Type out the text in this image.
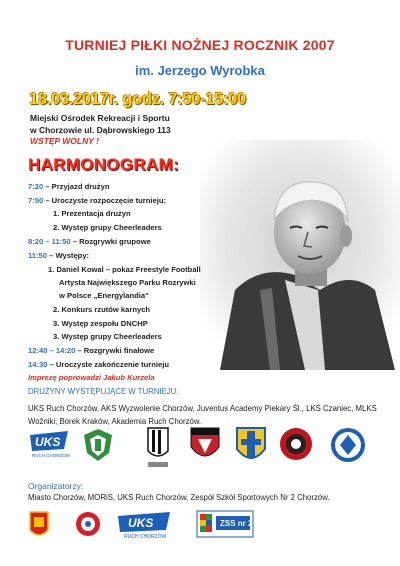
TURNIEJ PIŁKI NOŻNEJ ROCZNIK 2007
im. Jerzego Wyrobka
18.03.2017r. godz. 7:50-15:00
Miejski Ośrodek Rekreacji i Sportu
w Chorzowie ul. Dąbrowskiego 113
WSTĘP WOLNY !
HARMONOGRAM:
7:20 – Przyjazd drużyn
7:50 – Uroczyste rozpoczęcie turnieju:
1. Prezentacja drużyn
2. Występ grupy Cheerleaders
8:20 – 11:50 – Rozgrywki grupowe
11:50 – Występy:
1. Daniel Kowal – pokaz Freestyle Football
Artysta Największego Parku Rozrywki
w Polsce „Energylandia"
2. Konkurs rzutów karnych
3. Występ zespołu DNCHP
3. Występ grupy Cheerleaders
12:40 – 14:20 – Rozgrywki finałowe
14:30 – Uroczyste zakończenie turnieju
Imprezę poprowadzi Jakub Kurzela
DRUŻYNY WYSTĘPUJĄCE W TURNIEJU:
UKS Ruch Chorzów, AKS Wyzwolenie Chorzów, Juventus Academy Piekary Śl., LKS Czaniec, MLKS Woźniki, Borek Kraków, Akademia Ruch Chorzów.
UKS
RUCH CHORZÓW
Organizatorzy:
Miasto Chorzów, MORiS, UKS Ruch Chorzów, Zespół Szkół Sportowych Nr 2 Chorzów.
UKS
RUCH CHORZÓW
ZSS nr 2
